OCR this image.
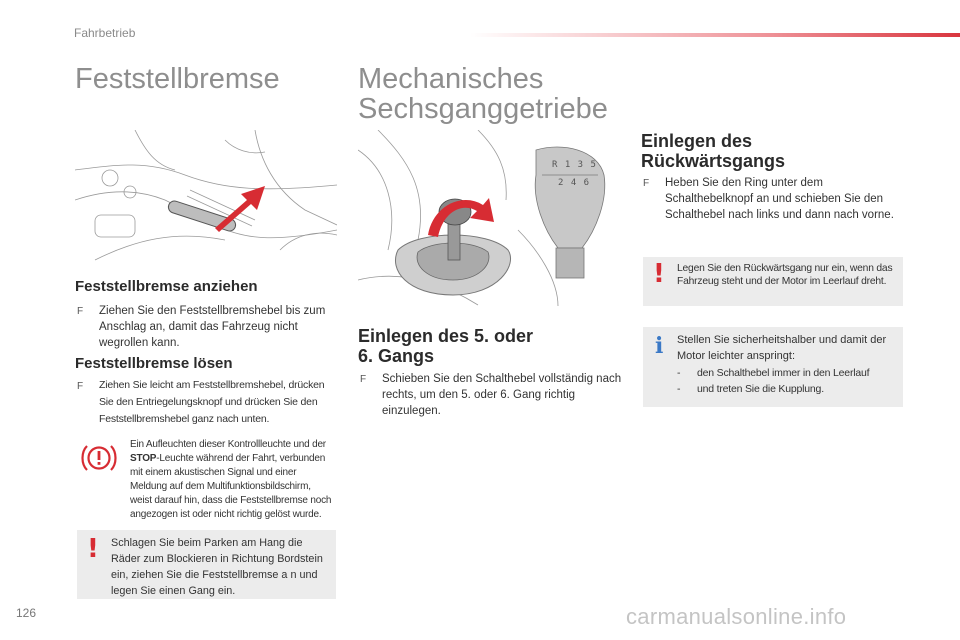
Fahrbetrieb
Feststellbremse
Feststellbremse anziehen
F	Ziehen Sie den Feststellbremshebel bis zum Anschlag an, damit das Fahrzeug nicht wegrollen kann.
Feststellbremse lösen
F	Ziehen Sie leicht am Feststellbremshebel, drücken Sie den Entriegelungsknopf und drücken Sie den Feststellbremshebel ganz nach unten.
Ein Aufleuchten dieser Kontrollleuchte und der STOP-Leuchte während der Fahrt, verbunden mit einem akustischen Signal und einer Meldung auf dem Multifunktionsbildschirm, weist darauf hin, dass die Feststellbremse noch angezogen ist oder nicht richtig gelöst wurde.
! Schlagen Sie beim Parken am Hang die Räder zum Blockieren in Richtung Bordstein ein, ziehen Sie die Feststellbremse a n und legen Sie einen Gang ein.
Mechanisches
Sechsganggetriebe
R 1 3 5
2 4 6
Einlegen des 5. oder
6. Gangs
F	Schieben Sie den Schalthebel vollständig nach rechts, um den 5. oder 6. Gang richtig einzulegen.
Einlegen des
Rückwärtsgangs
F	Heben Sie den Ring unter dem Schalthebelknopf an und schieben Sie den Schalthebel nach links und dann nach vorne.
! Legen Sie den Rückwärtsgang nur ein, wenn das Fahrzeug steht und der Motor im Leerlauf dreht.
i Stellen Sie sicherheitshalber und damit der Motor leichter anspringt:
-	den Schalthebel immer in den Leerlauf
-	und treten Sie die Kupplung.
126	carmanualsonline.info
